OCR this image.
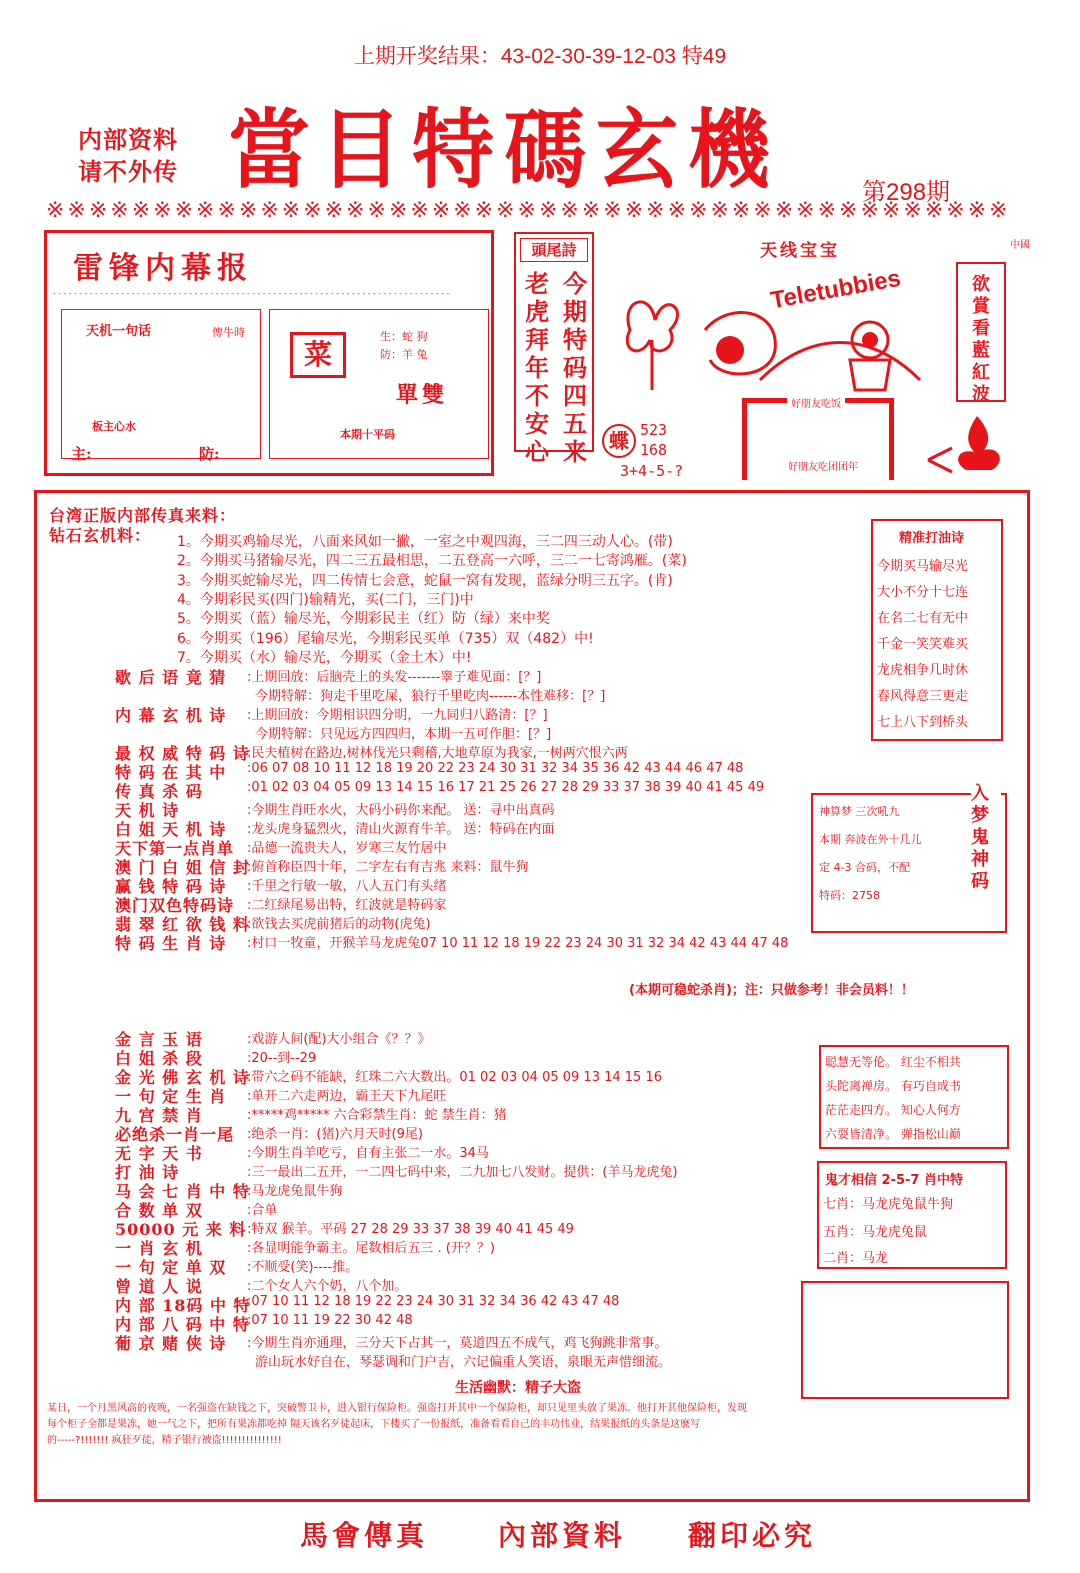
上期开奖结果：43-02-30-39-12-03 特49
内部资料
请不外传 當目特碼玄機	第298期
※※※※※※※※※※※※※※※※※※※※※※※※※※※※※※※※※※※※※※※※※※※※※
雷锋内幕报
- - - - - - - - - - - - - - - - - - - - - - - - - - - - - - - - - - - - - - - - - - - - - - - - - - - - - - - - - - - - - - - - - - - - - - - - - - - -
天机一句话	傳牛時
板主心水
菜
生：蛇 狗
防：羊 兔
單雙
本期十平码
主:	防:
頭尾詩
今期特码四五来
老虎拜年不安心	蝶 523
168
3+4-5-?
天线宝宝
Teletubbies
好朋友吃饭
好朋友吃团团年
中國
欲賞看藍紅波
台湾正版内部传真来料：
钻石玄机料： 1。今期买鸡输尽光，八面来风如一撇，一室之中观四海，三二四三动人心。(带)
2。今期买马猪输尽光，四二三五最相思，二五登高一六呼，三二一七寄鸿雁。(菜)
3。今期买蛇输尽光，四二传情七会意，蛇鼠一窝有发现，蓝绿分明三五字。(肯)
4。今期彩民买(四门)输精光，买(二门，三门)中
5。今期买（蓝）输尽光，今期彩民主（红）防（绿）来中奖
6。今期买（196）尾输尽光，今期彩民买单（735）双（482）中!
7。今期买（水）输尽光，今期买（金土木）中!
歇 后 语 竟 猜	:上期回放：后脑壳上的头发-------睾子难见面：[？]
今期特解：狗走千里吃屎，狼行千里吃肉------本性难移：[？]
内 幕 玄 机 诗	:上期回放：今期相识四分明，一九同归八路清：[？]
今期特解：只见远方四四归，本期一五可作胆：[？]
最 权 威 特 码 诗
:民夫植树在路边,树林伐光只剩稽,大地草原为我家,一树两穴恨六两
特 码 在 其 中	:06 07 08 10 11 12 18 19 20 22 23 24 30 31 32 34 35 36 42 43 44 46 47 48
传 真 杀 码	:01 02 03 04 05 09 13 14 15 16 17 21 25 26 27 28 29 33 37 38 39 40 41 45 49
天 机 诗	:今期生肖旺水火，大码小码你来配。 送：寻中出真码
白 姐 天 机 诗	:龙头虎身猛烈火，清山火源育牛羊。 送：特码在内面
天下第一点肖单 :品德一流贵夫人，岁寒三友竹居中
澳 门 白 姐 信 封
:俯首称臣四十年，二字左右有吉兆 来料：鼠牛狗
赢 钱 特 码 诗	:千里之行敏一敏，八人五门有头绪
澳门双色特码诗 :二红绿尾易出特，红波就是特码家
翡 翠 红 欲 钱 料
:欲钱去买虎前猪后的动物(虎兔)
特 码 生 肖 诗	:村口一牧童，开猴羊马龙虎兔07 10 11 12 18 19 22 23 24 30 31 32 34 42 43 44 47 48
(本期可稳蛇杀肖)；注：只做参考！非会员料！！
金 言 玉 语	:戏游人间(配)大小组合《？？》
白 姐 杀 段	:20--到--29
金 光 佛 玄 机 诗
:带六之码不能缺，红珠二六大数出。01 02 03 04 05 09 13 14 15 16
一 句 定 生 肖	:单开二六走两边，霸王天下九尾旺
九 宫 禁 肖	:*****鸡***** 六合彩禁生肖：蛇 禁生肖：猪
必绝杀一肖一尾 :绝杀一肖：(猪)六月天时(9尾)
无 字 天 书	:今期生肖羊吃亏，自有主张二一水。34马
打 油 诗	:三一最出二五开，一二四七码中来，二九加七八发财。提供：(羊马龙虎兔)
马 会 七 肖 中 特
:马龙虎兔鼠牛狗
合 数 单 双	:合单
50000 元 来 料 :特双 猴羊。平码 27 28 29 33 37 38 39 40 41 45 49
一 肖 玄 机	:各显明能争霸主。尾数相后五三 . (开？？)
一 句 定 单 双	:不顺受(笑)----推。
曾 道 人 说	:二个女人六个奶，八个加。
内 部 18码 中 特
:07 10 11 12 18 19 22 23 24 30 31 32 34 36 42 43 47 48
内 部 八 码 中 特
:07 10 11 19 22 30 42 48
葡 京 赌 侠 诗	:今期生肖亦通理，三分天下占其一，莫道四五不成气，鸡飞狗跳非常事。
游山玩水好自在，琴瑟调和门户吉，六记偏重人笑语，泉眼无声惜细流。
生活幽默：精子大盗
某日，一个月黑风高的夜晚，一名强盗在缺钱之下，突破警卫卡，进入银行保险柜。强盗打开其中一个保险柜，却只见里头放了果冻。他打开其他保险柜，发现
每个柜子全都是果冻，她一气之下，把所有果冻都吃掉 隔天该名歹徒起床，下楼买了一份报纸，准备看看自己的丰功伟业，结果报纸的头条是这麽写
的-----?!!!!!!! 疯狂歹徒，精子银行被盗!!!!!!!!!!!!!!!
精准打油诗
今期买马输尽光
大小不分十七连
在名二七有无中
千金一笑笑难买
龙虎相争几时休
春风得意三更走
七上八下到桥头
神算梦 三次吼九
本期 奔波在外十几儿
定 4-3 合码，不配
特码：2758
入梦鬼神码
聪慧无等伦。 红尘不相共
头陀离禅房。 有巧自成书
茫茫走四方。 知心人何方
六耍皆清净。 弹指松山巅
鬼才相信 2-5-7 肖中特
七肖：马龙虎兔鼠牛狗
五肖：马龙虎兔鼠
二肖：马龙
馬會傳真 內部資料 翻印必究
